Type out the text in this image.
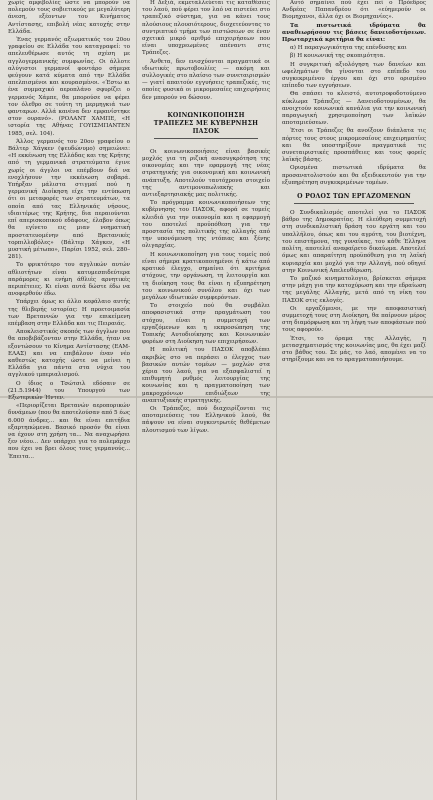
χωρίς αμφιβολίες ώστε να μπορούν να πολεμούν τους σοβιετικούς με μεγαλύτερη άνεση, εξέοντων του Κινήματος Αντίστασης, επιβολή νέας κατοχής στην Ελλάδα.

Ένας γερμανός αξιωματικός του 20ου γραφείου σε Ελλάδα του καταγραφεί: το απελευθέρωσε αυτός τη σχέση με αγγλογερμανικής συμφωνίας. Οι άλλοτε αλύγιστοι γερμανοί φοντάρο σήμερα φεύγουν κατά κύματα από την Ελλάδα απελπισμένοι και κουρασμένοι. «Έστω κι ένα συμμαχικό αεροπλάνο σφυρίζει ο γερμανός Χάμπε, θα μπορούσε να φέρει τον όλεθρο σε τούτη τη μερμηγκιά των φανταρων. Αλλά κανένα δεν εμφανίστηκε στον ουρανό». (ΡΟΛΑΝΤ ΧΑΜΠΕ, «Η ιστορία της Αθήνας ΓΟΥΙΣΜΠΑΝΤΕΝ 1985, σελ. 104).

Άλλος γερμανός του 20ου γραφείου ο Βάλτερ Χάγκεν (ψευδώνυμο) σημειώνει: «Η εκκένωση της Ελλάδας και της Κρήτης από τη γερμανικά στρατεύματα έγινε χωρίς οι άγγλοι να επέμβουν διά να ενοχλήσουν την εκκένωση σοβαρά. Υπήρξαν μάλιστα στιγμαί πού η γερμανική Διοίκηση είχε την εντύπωση ότι οι μεταφορές των στρατευμάτων, τα οποία από τας Ελληνικάς νήσους, ιδιαιτέρως της Κρήτης, δια περαιούνται επί απερισκοπικού εδάφους, έλαβον όπως θα εγίνετο εις μιαν νοηματική προστατευομένην από Βρετανικές τορπιλλοβόλες» (Βάλτερ Χάγκεν, «Η μυστική μέτωπο», Παρίσι 1952, σελ. 280–281).

Το φρικτότερο του αγγλικών αυτών αθλιοτήτων είναι κατυμεσπιδεύτερα παράμορες κι ενήμη άθλιές αρνητικές περιπέτειες. Κι είναι αυτά δώστε έδω να ανοφερθούν έδω.

Υπάρχει όμως κι άλλο κεφάλαιο αυτής της θλιβερής ιστορίας: Η προετοιμασία των Βρεταννών για την επικείμενη επέμβαση στην Ελλάδα και τις Πειραιάς.

Αποκλειστικός σκοπός των άγγλων που θα αποβιβάζονταν στην Ελλάδα, ήταν να εξοντώσουν το Κίνημα Αντίστασης (ΕΑΜ-ΕΛΑΣ) και να επιβάλουν έναν νέο καθεστώς κατοχής ώστε να μείνει η Ελλάδα για πάντα στα νύχια του αγγλικού ιμπεριαλισμού.

Ο ίδιος ο Τσώτσιλ εδόσαιν σε (21.5.1944) του Υπουργού των Εξωτερικών Ήντεν.

«Περιορίζεται Βρετανών αεροπορικών δυνάμεων (που θα αποτελούσαν από 5 έως 6.000 άνδρες... και θα είναι επιτήδια εξαρτηπώμενα. Βασικό προσόν θα είναι να έχουν στη χρήση τα... Να αναχωρήσει ξεν νέου... Δεν υπάρχει για το πολεμάρχο που έχει να βρει όλους τους γερμανούς... Έπειτα...

Η Δεξιά, εκμεταλλεύεται τις καταθέσεις του λαού, πού φέρει τον λαό να πιστεύει στο τραπεζικό σύστημα, για να κάνει τους πλούσιους πλουσιότερους, διοχετεύοντας το συντριπτικό τμήμα των πιστώσεων σε έναν σχετικά μικρό αριθμό επιχειρήσεων που είναι υποχρεωμένες απέναντι στις Τράπεζες.

Άνθετα, δεν ενισχύονται πραγματικά οι ιδιωτικές πρωτοβουλίες — ακόμη και συλλογικές στο πλαίσιο των συνεταιρισμών — γιατί απαιτούν εγγυήσεις τραπεζικές, τις οποίες φυσικά οι μικρομεσαίες επιχειρήσεις δεν μπορούν να δώσουν.

ΚΟΙΝΩΝΙΚΟΠΟΙΗΣΗ
ΤΡΑΠΕΖΕΣ ΜΕ ΚΥΒΕΡΝΗΣΗ ΠΑΣΟΚ

Οι κοινωνικοποιήσεις είναι βασικές μοχλός για τη ριζική ανασυγκρότηση της οικονομίας και την εφαρμογή της νέας στρατηγικής για οικονομική και κοινωνική ανάπτυξη. Αποτελούν ταυτόχρονα στοιχείο της αντιμονοπωλιακής και αντιεξαρτησιακής μας πολιτικής.

Το πρόγραμμα κοινωνικοποιήσεων της κυβέρνησης του ΠΑΣΟΚ, αφορά σε τομείς κλειδιά για την οικονομία και η εφαρμογή του αποτελεί προϋπόθεση για την προστασία της πολιτικής της αλλαγής από την υπονόμευση της ντόπιας και ξένης ολιγαρχίας.

Η κοινωνικοποίηση για τους τομείς πού είναι σήμερα κρατικοποιημένοι ή κάτω από κρατικό έλεγχο, σημαίνει ότι κριτήρια στόχους, την οργάνωση, τη λειτουργία και τη διοίκηση τους θα είναι η εξυπηρέτηση του κοινωνικού συνόλου και όχι των μεγάλων ιδιωτικών συμφερόντων.

Το στοιχείο πού θα συμβάλει αποφασιστικά στην πραγμάτωση του στόχου, είναι η συμμετοχή των εργαζόμενων και η εκπροσώπηση της Τοπικής Αυτοδιοίκησης και Κοινωνικών φορέων στη Διοίκηση των επιχειρήσεων.

Η πολιτική του ΠΑΣΟΚ αποβλέπει ακριβώς στο να περάσει ο έλεγχος των βασικών αυτών τομέων — μοχλών στα χέρια του λαού, για να εξασφαλιστεί η επιθυμητή ρυθμός λειτουργίας της κοινωνίας και η πραγματοποίηση των μακροχρόνιων επιδιώξεων της αναπτυξιακής στρατηγικής.

Οι Τράπεζες, πού διαχειρίζονται τις αποταμιεύσεις του Ελληνικού λαού, θα πάψουν να είναι συγκεντρωτές θεθέμετων πλουτισμού των λίγων.

Αυτό σημαίνει πού έχει πεί ο Πρόεδρος Ανδρέας Παπανδρέου ότι «εύημερούν οι Βιομηχανοι, άλλα όχι οι Βιομηχανίες».

Τα πιστωτικά ιδρύματα θα αναθεωρήσουν τις βάσεις δανειοδοτήσεων. Πρωταρχικά κριτήρια θα είναι:

α) Η παραγωγικότητα της επένδυσης και

β) Η κοινωνική της σκοπιμότητα.

Η συγκριτική αξιολόγηση των δανείων και ωφελημάτων θα γίνονται στο επίπεδο του συγκεκριμένου έργου και όχι στο ορισμένο επίπεδο των εγγυήσεων.

Θα σπάσει το κλειστό, αυτοτροφοδοτούμενο κύκλωμα Τράπεζες — Δανειοδοτουμένων, θα ανοιχτούν κοινωνικά κανάλια για την κοινωνική παραγωγική χρησιμοποίηση των λαϊκών αποταμιεύσεων.

Έτσι οι Τράπεζες θα ανοίξουν διάπλατα τις πόρτες τους στους μικρομεσαίους επιχειρηματίες και θα υποστηρίξουν πραγματικά τις συνεταιριστικές προσπάθειες και τους φορείς λαϊκής βάσης.

Ορισμένα πιστωτικά ιδρύματα θα προσανατολιστούν και θα εξειδικευτούν για την εξυπηρέτηση συγκεκριμένων τομέων.

Ο ΡΟΛΟΣ ΤΩΝ ΕΡΓΑΖΟΜΕΝΩΝ

Ο Συνδικαλισμός αποτελεί για το ΠΑΣΟΚ βάθρο της Δημοκρατίας. Η ελεύθερη συμμετοχή στη συνδικαλιστική δράση του εργάτη και του υπαλλήλου, όπως και του αγρότη, του βιοτέχνη, του επιστήμονα, της γυναίκας, του κάθε Έλληνα πολίτη, αποτελεί αναφαίρετο δικαίωμα. Αποτελεί όμως και απαραίτητη προϋπόθεση για τη λαϊκή κυριαρχία και μοχλό για την Αλλαγή, πού οδηγεί στην Κοινωνική Απελευθέρωση.

Το μαζικό κινηματολογιο, βρίσκεται σήμερα στην μάχη για την κατοχύρωση και την εδραίωση της μεγάλης Αλλαγής, μετά από τη νίκη του ΠΑΣΟΚ στις εκλογές.

Οι εργαζόμενοι, με την αποφασιστική συμμετοχή τους στη Διοίκηση, θα παίρνουν μέρος στη διαμόρφωση και τη λήψη των αποφάσεων πού τους αφορούν.

Έτσι, το όραμα της Αλλαγής, η μετασχηματισμός της κοινωνίας μας, θα έχει μαζί στο βάθος του. Σε μάς, το λαό, απομένει να το στηρίξουμε και να το πραγματοποιήσουμε.
